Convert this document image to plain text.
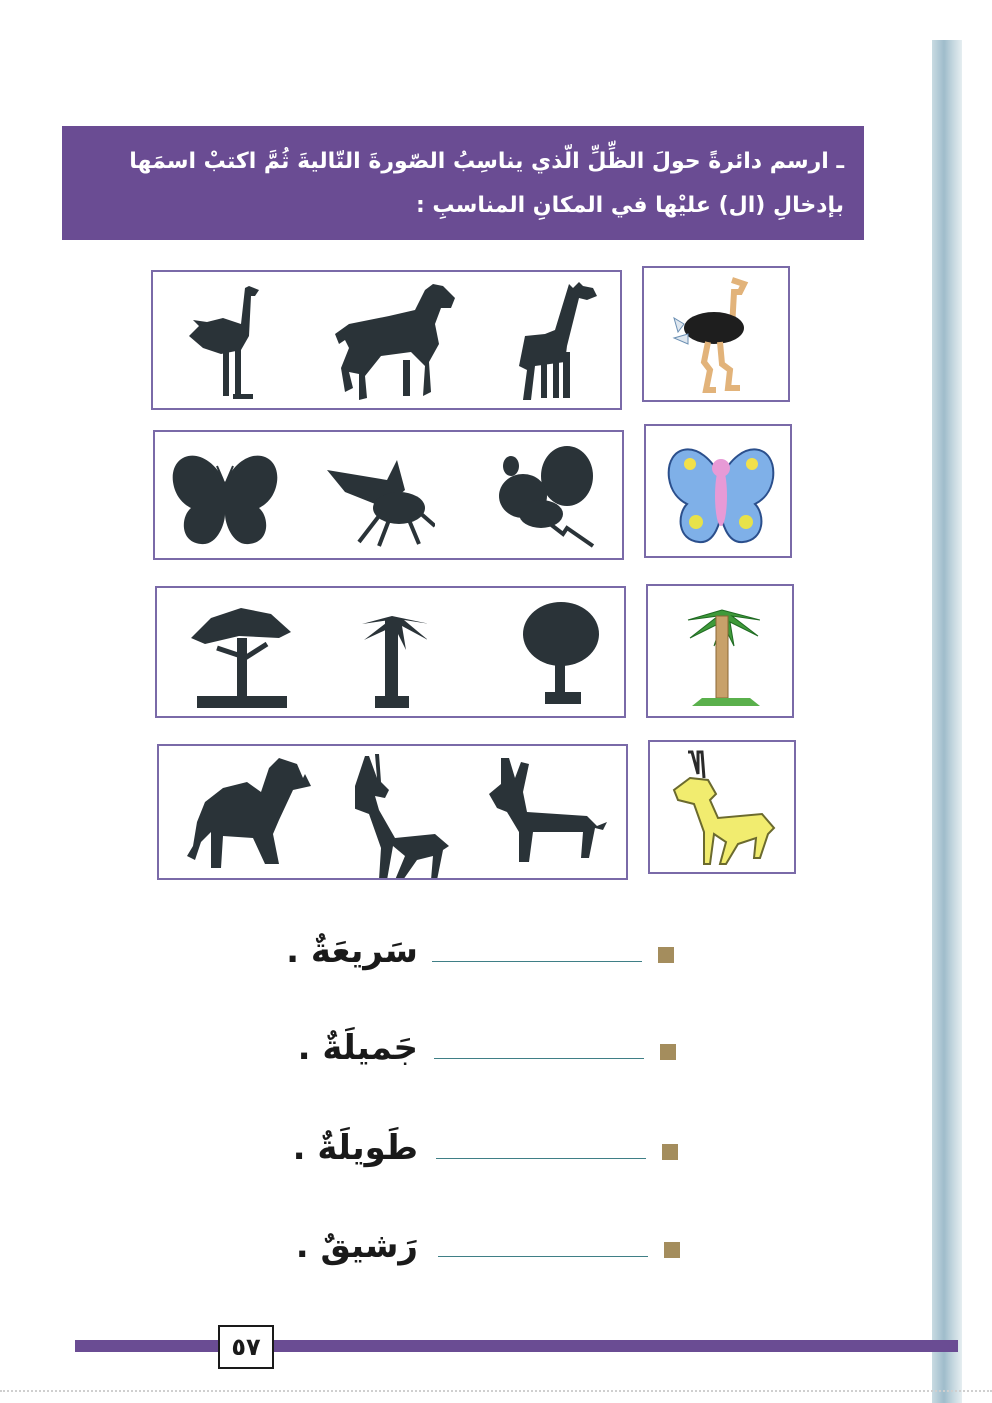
ـ ارسم دائرةً حولَ الظِّلِّ الّذي يناسِبُ الصّورةَ التّاليةَ ثُمَّ اكتبْ اسمَها
بإدخالِ (ال) عليْها في المكانِ المناسبِ :
سَريعَةٌ .
جَميلَةٌ .
طَويلَةٌ .
رَشيقٌ .
٥٧
